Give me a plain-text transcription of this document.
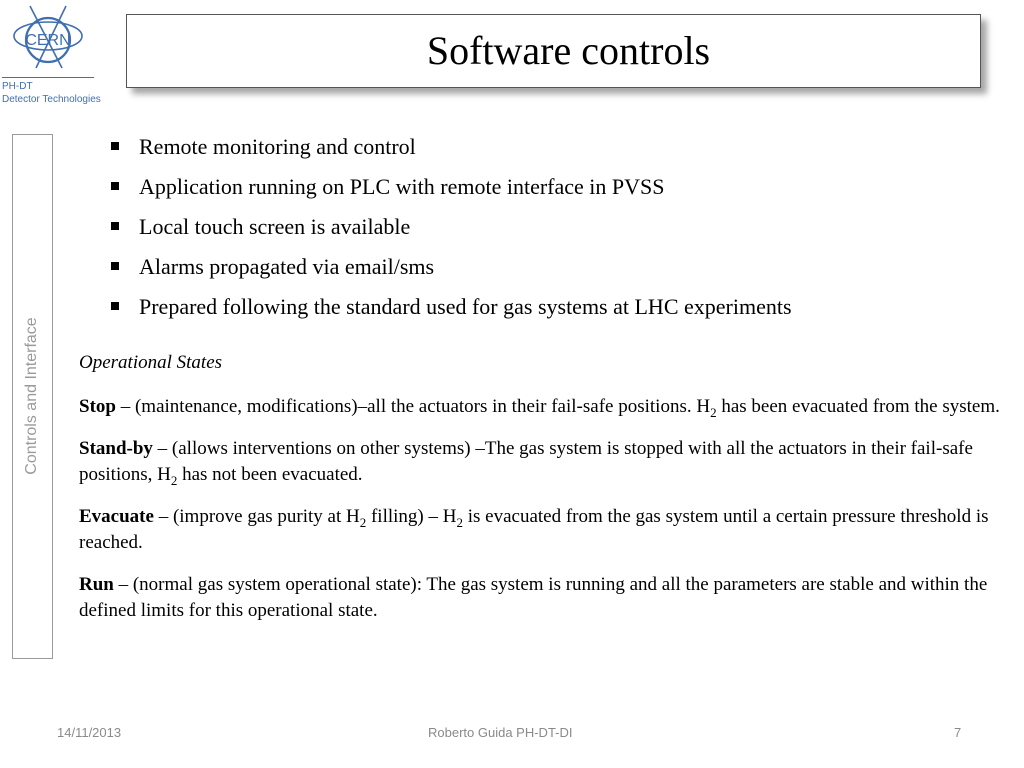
CERN
PH-DT
Detector Technologies
Software controls
Controls and Interface
Remote monitoring and control
Application running on PLC with remote interface in PVSS
Local touch screen is available
Alarms propagated via email/sms
Prepared following the standard used for gas systems at LHC experiments

Operational States

Stop – (maintenance, modifications)–all the actuators in their fail-safe positions. $H_2$ has been evacuated from the system.

Stand-by – (allows interventions on other systems) –The gas system is stopped with all the actuators in their fail-safe positions, $H_2$ has not been evacuated.

Evacuate – (improve gas purity at $H_2$ filling) – $H_2$ is evacuated from the gas system until a certain pressure threshold is reached.

Run – (normal gas system operational state): The gas system is running and all the parameters are stable and within the defined limits for this operational state.

14/11/2013	Roberto Guida PH-DT-DI	7
